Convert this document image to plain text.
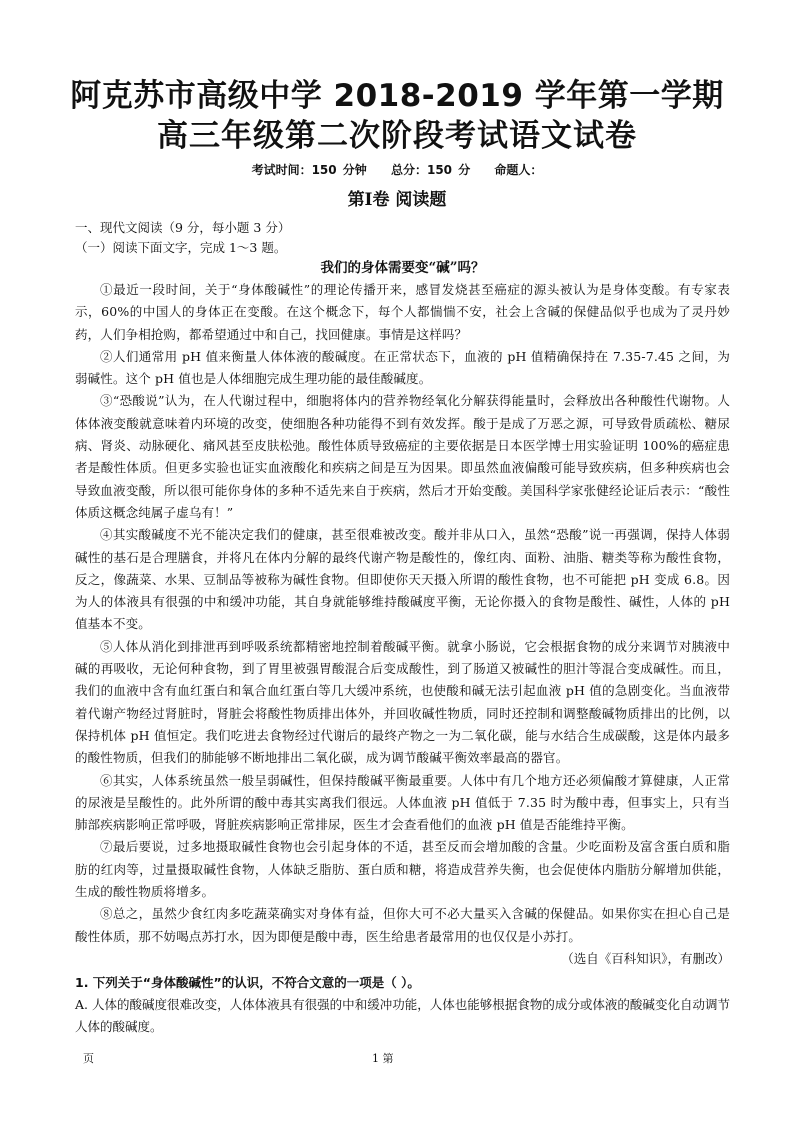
阿克苏市高级中学 2018-2019 学年第一学期
高三年级第二次阶段考试语文试卷
考试时间：150 分钟 总分：150 分 命题人：
第Ⅰ卷 阅读题

一、现代文阅读（9 分，每小题 3 分）

（一）阅读下面文字，完成 1～3 题。

我们的身体需要变“碱”吗？

①最近一段时间，关于“身体酸碱性”的理论传播开来，感冒发烧甚至癌症的源头被认为是身体变酸。有专家表示，60%的中国人的身体正在变酸。在这个概念下，每个人都惴惴不安，社会上含碱的保健品似乎也成为了灵丹妙药，人们争相抢购，都希望通过中和自己，找回健康。事情是这样吗？

②人们通常用 pH 值来衡量人体体液的酸碱度。在正常状态下，血液的 pH 值精确保持在 7.35-7.45 之间，为弱碱性。这个 pH 值也是人体细胞完成生理功能的最佳酸碱度。

③“恐酸说”认为，在人代谢过程中，细胞将体内的营养物经氧化分解获得能量时，会释放出各种酸性代谢物。人体体液变酸就意味着内环境的改变，使细胞各种功能得不到有效发挥。酸于是成了万恶之源，可导致骨质疏松、糖尿病、肾炎、动脉硬化、痛风甚至皮肤松弛。酸性体质导致癌症的主要依据是日本医学博士用实验证明 100%的癌症患者是酸性体质。但更多实验也证实血液酸化和疾病之间是互为因果。即虽然血液偏酸可能导致疾病，但多种疾病也会导致血液变酸，所以很可能你身体的多种不适先来自于疾病，然后才开始变酸。美国科学家张健经论证后表示：“酸性体质这概念纯属子虚乌有！”

④其实酸碱度不光不能决定我们的健康，甚至很难被改变。酸并非从口入，虽然“恐酸”说一再强调，保持人体弱碱性的基石是合理膳食，并将凡在体内分解的最终代谢产物是酸性的，像红肉、面粉、油脂、糖类等称为酸性食物，反之，像蔬菜、水果、豆制品等被称为碱性食物。但即使你天天摄入所谓的酸性食物，也不可能把 pH 变成 6.8。因为人的体液具有很强的中和缓冲功能，其自身就能够维持酸碱度平衡，无论你摄入的食物是酸性、碱性，人体的 pH 值基本不变。

⑤人体从消化到排泄再到呼吸系统都精密地控制着酸碱平衡。就拿小肠说，它会根据食物的成分来调节对胰液中碱的再吸收，无论何种食物，到了胃里被强胃酸混合后变成酸性，到了肠道又被碱性的胆汁等混合变成碱性。而且，我们的血液中含有血红蛋白和氧合血红蛋白等几大缓冲系统，也使酸和碱无法引起血液 pH 值的急剧变化。当血液带着代谢产物经过肾脏时，肾脏会将酸性物质排出体外，并回收碱性物质，同时还控制和调整酸碱物质排出的比例，以保持机体 pH 值恒定。我们吃进去食物经过代谢后的最终产物之一为二氧化碳，能与水结合生成碳酸，这是体内最多的酸性物质，但我们的肺能够不断地排出二氧化碳，成为调节酸碱平衡效率最高的器官。

⑥其实，人体系统虽然一般呈弱碱性，但保持酸碱平衡最重要。人体中有几个地方还必须偏酸才算健康，人正常的尿液是呈酸性的。此外所谓的酸中毒其实离我们很远。人体血液 pH 值低于 7.35 时为酸中毒，但事实上，只有当肺部疾病影响正常呼吸，肾脏疾病影响正常排尿，医生才会查看他们的血液 pH 值是否能维持平衡。

⑦最后要说，过多地摄取碱性食物也会引起身体的不适，甚至反而会增加酸的含量。少吃面粉及富含蛋白质和脂肪的红肉等，过量摄取碱性食物，人体缺乏脂肪、蛋白质和糖，将造成营养失衡，也会促使体内脂肪分解增加供能，生成的酸性物质将增多。

⑧总之，虽然少食红肉多吃蔬菜确实对身体有益，但你大可不必大量买入含碱的保健品。如果你实在担心自己是酸性体质，那不妨喝点苏打水，因为即便是酸中毒，医生给患者最常用的也仅仅是小苏打。

（选自《百科知识》，有删改）

1. 下列关于“身体酸碱性”的认识，不符合文意的一项是（ ）。

A. 人体的酸碱度很难改变，人体体液具有很强的中和缓冲功能，人体也能够根据食物的成分或体液的酸碱变化自动调节人体的酸碱度。

页	1 第
